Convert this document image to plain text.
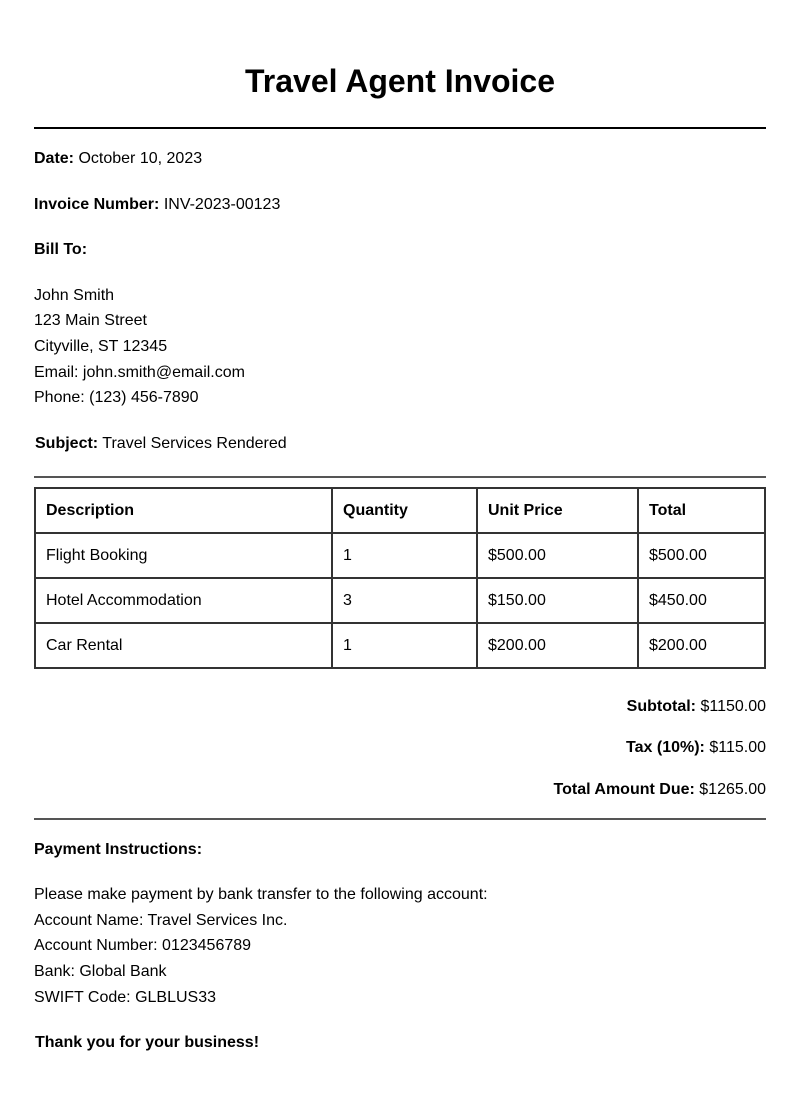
Travel Agent Invoice
Date: October 10, 2023
Invoice Number: INV-2023-00123
Bill To:
John Smith
123 Main Street
Cityville, ST 12345
Email: john.smith@email.com
Phone: (123) 456-7890
Subject: Travel Services Rendered
Description	Quantity	Unit Price	Total
Flight Booking	1	$500.00	$500.00
Hotel Accommodation	3	$150.00	$450.00
Car Rental	1	$200.00	$200.00
Subtotal: $1150.00
Tax (10%): $115.00
Total Amount Due: $1265.00
Payment Instructions:
Please make payment by bank transfer to the following account:
Account Name: Travel Services Inc.
Account Number: 0123456789
Bank: Global Bank
SWIFT Code: GLBLUS33
Thank you for your business!
